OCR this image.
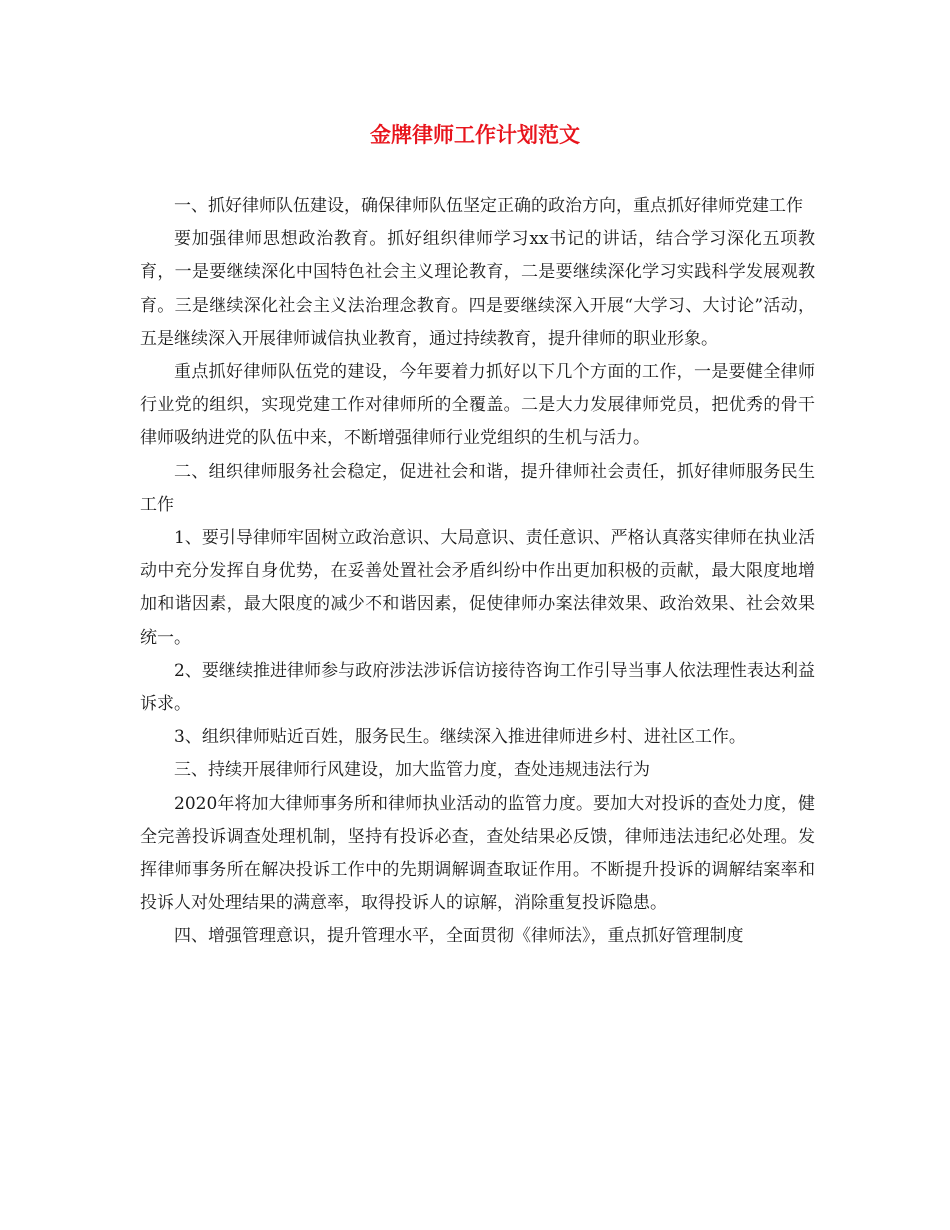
金牌律师工作计划范文

一、抓好律师队伍建设，确保律师队伍坚定正确的政治方向，重点抓好律师党建工作

要加强律师思想政治教育。抓好组织律师学习xx书记的讲话，结合学习深化五项教育，一是要继续深化中国特色社会主义理论教育，二是要继续深化学习实践科学发展观教育。三是继续深化社会主义法治理念教育。四是要继续深入开展“大学习、大讨论”活动，五是继续深入开展律师诚信执业教育，通过持续教育，提升律师的职业形象。

重点抓好律师队伍党的建设，今年要着力抓好以下几个方面的工作，一是要健全律师行业党的组织，实现党建工作对律师所的全覆盖。二是大力发展律师党员，把优秀的骨干律师吸纳进党的队伍中来，不断增强律师行业党组织的生机与活力。

二、组织律师服务社会稳定，促进社会和谐，提升律师社会责任，抓好律师服务民生工作

1、要引导律师牢固树立政治意识、大局意识、责任意识、严格认真落实律师在执业活动中充分发挥自身优势，在妥善处置社会矛盾纠纷中作出更加积极的贡献，最大限度地增加和谐因素，最大限度的减少不和谐因素，促使律师办案法律效果、政治效果、社会效果统一。

2、要继续推进律师参与政府涉法涉诉信访接待咨询工作引导当事人依法理性表达利益诉求。

3、组织律师贴近百姓，服务民生。继续深入推进律师进乡村、进社区工作。

三、持续开展律师行风建设，加大监管力度，查处违规违法行为

2020年将加大律师事务所和律师执业活动的监管力度。要加大对投诉的查处力度，健全完善投诉调查处理机制，坚持有投诉必查，查处结果必反馈，律师违法违纪必处理。发挥律师事务所在解决投诉工作中的先期调解调查取证作用。不断提升投诉的调解结案率和投诉人对处理结果的满意率，取得投诉人的谅解，消除重复投诉隐患。

四、增强管理意识，提升管理水平，全面贯彻《律师法》，重点抓好管理制度
